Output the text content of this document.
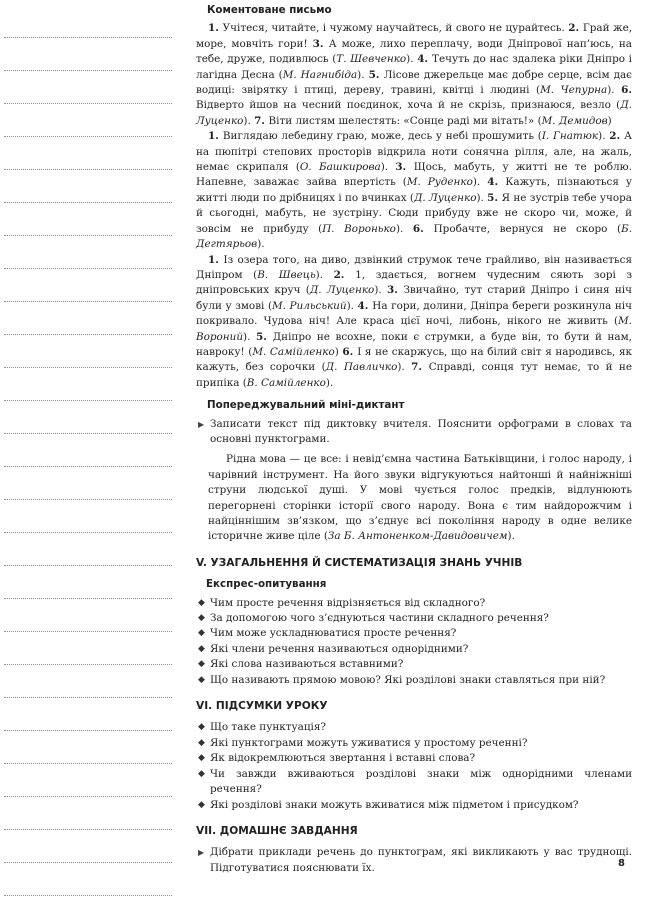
Коментоване письмо

1. Учітеся, читайте, і чужому научайтесь, й свого не цурайтесь. 2. Грай же, море, мовчіть гори! 3. А може, лихо переплачу, води Дніпрової нап’юсь, на тебе, друже, подивлюсь (Т. Шевченко). 4. Течуть до нас здалека ріки Дніпро і лагідна Десна (М. Нагнибіда). 5. Лісове джерельце має добре серце, всім дає водиці: звіряткy і птиці, дереву, травині, квітці і людині (М. Чепурна). 6. Відверто йшов на чесний поєдинок, хоча й не скрізь, признаюся, везло (Д. Луценко). 7. Віти листям шелестять: «Сонце раді ми вітать!» (М. Демидов)

1. Виглядаю лебедину граю, може, десь у небі прошумить (І. Гнатюк). 2. А на пюпітрі степових просторів відкрила ноти сонячна рілля, але, на жаль, немає скрипаля (О. Башкирова). 3. Щось, мабуть, у житті не те роблю. Напевне, заважає зайва впертість (М. Руденко). 4. Кажуть, пізнаються у житті люди по дрібницях і по вчинках (Д. Луценко). 5. Я не зустрів тебе учора й сьогодні, мабуть, не зустріну. Сюди прибуду вже не скоро чи, може, й зовсім не прибуду (П. Воронько). 6. Пробачте, вернуся не скоро (Б. Дегтярьов).

1. Із озера того, на диво, дзвінкий струмок тече грайливо, він називається Дніпром (В. Швець). 2. 1, здається, вогнем чудесним сяють зорі з дніпровських круч (Д. Луценко). 3. Звичайно, тут старий Дніпро і синя ніч були у змові (М. Рильський). 4. На гори, долини, Дніпра береги розкинула ніч покривало. Чудова ніч! Але краса цієї ночі, либонь, нікого не живить (М. Вороний). 5. Дніпро не всохне, поки є струмки, а буде він, то бути й нам, навроку! (М. Самійленко) 6. І я не скаржусь, що на білий світ я народивсь, як кажуть, без сорочки (Д. Павличко). 7. Справді, сонця тут немає, то й не припіка (В. Самійленко).

Попереджувальний міні-диктант
▶ Записати текст під диктовку вчителя. Пояснити орфограми в словах та основні пунктограми.

Рідна мова — це все: і невід’ємна частина Батьківщини, і голос народу, і чарівний інструмент. На його звуки відгукуються найтонші й найніжніші струни людської душі. У мові чується голос предків, відлунюють перегорнені сторінки історії свого народу. Вона є тим найдорожчим і найціннішим зв’язком, що з’єднує всі покоління народу в одне велике історичне живе ціле (За Б. Антоненком-Давидовичем).

V. УЗАГАЛЬНЕННЯ Й СИСТЕМАТИЗАЦІЯ ЗНАНЬ УЧНІВ
Експрес-опитування
◆ Чим просте речення відрізняється від складного?
◆ За допомогою чого з’єднуються частини складного речення?
◆ Чим може ускладнюватися просте речення?
◆ Які члени речення називаються однорідними?
◆ Які слова називаються вставними?
◆ Що називають прямою мовою? Які розділові знаки ставляться при ній?
VI. ПІДСУМКИ УРОКУ
◆ Що таке пунктуація?
◆ Які пунктограми можуть уживатися у простому реченні?
◆ Як відокремлюються звертання і вставні слова?
◆ Чи завжди вживаються розділові знаки між однорідними членами речення?
◆ Які розділові знаки можуть вживатися між підметом і присудком?
VII. ДОМАШНЄ ЗАВДАННЯ
▶ Дібрати приклади речень до пунктограм, які викликають у вас труднощі. Підготуватися пояснювати їх.	8
